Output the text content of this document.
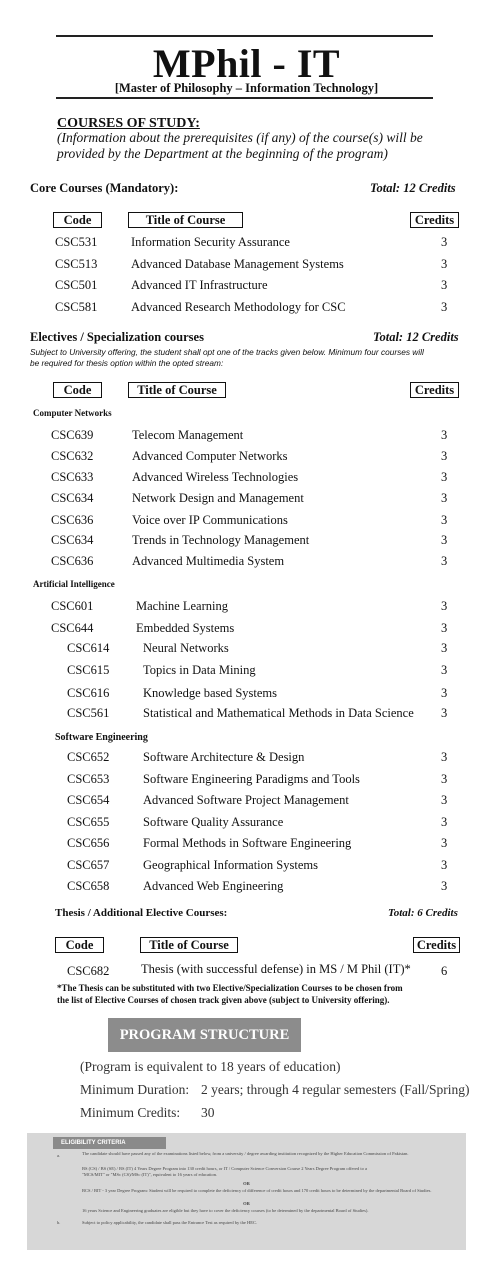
MPhil - IT
[Master of Philosophy – Information Technology]
COURSES OF STUDY:
(Information about the prerequisites (if any) of the course(s) will be provided by the Department at the beginning of the program)
Core Courses (Mandatory):	Total: 12 Credits
Code	Title of Course	Credits
CSC531	Information Security Assurance	3
CSC513	Advanced Database Management Systems	3
CSC501	Advanced IT Infrastructure	3
CSC581	Advanced Research Methodology for CSC	3
Electives / Specialization courses	Total: 12 Credits
Subject to University offering, the student shall opt one of the tracks given below. Minimum four courses will be required for thesis option within the opted stream:
Code	Title of Course	Credits
Computer Networks
CSC639	Telecom Management	3
CSC632	Advanced Computer Networks	3
CSC633	Advanced Wireless Technologies	3
CSC634	Network Design and Management	3
CSC636	Voice over IP Communications	3
CSC634	Trends in Technology Management	3
CSC636	Advanced Multimedia System	3
Artificial Intelligence
CSC601	Machine Learning	3
CSC644	Embedded Systems	3
CSC614	Neural Networks	3
CSC615	Topics in Data Mining	3
CSC616	Knowledge based Systems	3
CSC561	Statistical and Mathematical Methods in Data Science 3
Software Engineering
CSC652	Software Architecture & Design	3
CSC653	Software Engineering Paradigms and Tools	3
CSC654	Advanced Software Project Management	3
CSC655	Software Quality Assurance	3
CSC656	Formal Methods in Software Engineering	3
CSC657	Geographical Information Systems	3
CSC658	Advanced Web Engineering	3
Thesis / Additional Elective Courses:	Total: 6 Credits
Code	Title of Course	Credits
CSC682	Thesis (with successful defense) in MS / M Phil (IT)* 6
*The Thesis can be substituted with two Elective/Specialization Courses to be chosen from
the list of Elective Courses of chosen track given above (subject to University offering).
PROGRAM STRUCTURE
(Program is equivalent to 18 years of education)
Minimum Duration: 2 years; through 4 regular semesters (Fall/Spring)
Minimum Credits: 30
ELIGIBILITY CRITERIA
a.	The candidate should have passed any of the examinations listed below, from a university / degree awarding institution recognized by the Higher Education Commission of Pakistan.
BS (CS) / BS (SE) / BS (IT) 4 Years Degree Program into 130 credit hours, or IT / Computer Science Conversion Course 2 Years Degree Program offered to a
"MCS/MIT" or "MSc (CS)/MSc (IT)", equivalent to 16 years of education.
OR
BCS / BIT - 3 year Degree Program: Student will be required to complete the deficiency of difference of credit hours and 170 credit hours to be determined by the departmental Board of Studies.
OR
16 years Science and Engineering graduates are eligible but they have to cover the deficiency courses (to be determined by the departmental Board of Studies).
b.	Subject to policy applicability, the candidate shall pass the Entrance Test as required by the HEC.
